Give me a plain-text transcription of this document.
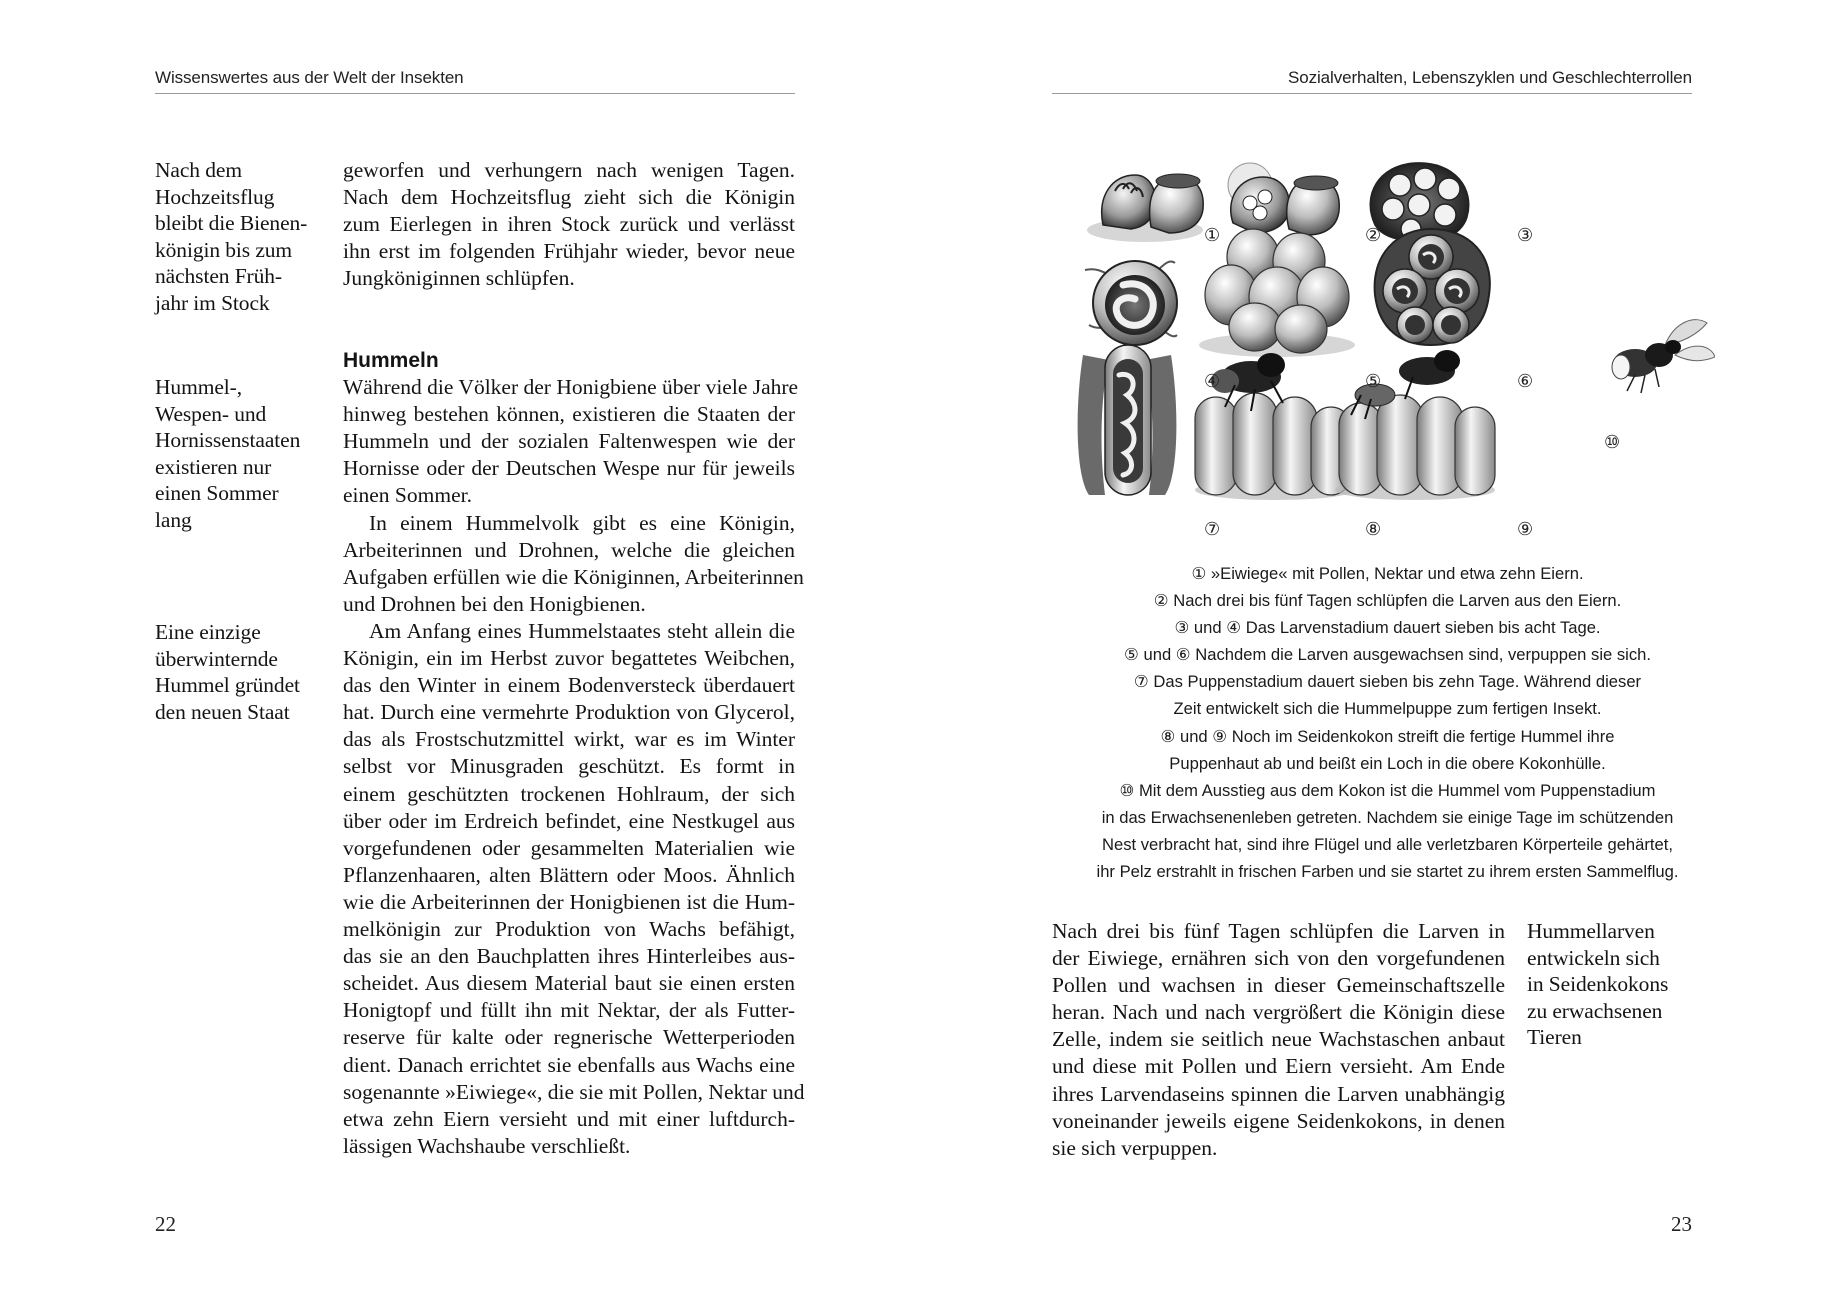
Wissenswertes aus der Welt der Insekten
Nach dem
Hochzeitsflug
bleibt die Bienen-
königin bis zum
nächsten Früh-
jahr im Stock
Hummel-,
Wespen- und
Hornissenstaaten
existieren nur
einen Sommer
lang
Eine einzige
überwinternde
Hummel gründet
den neuen Staat
geworfen und verhungern nach wenigen Tagen.
Nach dem Hochzeitsflug zieht sich die Königin
zum Eierlegen in ihren Stock zurück und verlässt
ihn erst im folgenden Frühjahr wieder, bevor neue
Jungköniginnen schlüpfen.
Hummeln
Während die Völker der Honigbiene über viele Jahre
hinweg bestehen können, existieren die Staaten der
Hummeln und der sozialen Faltenwespen wie der
Hornisse oder der Deutschen Wespe nur für jeweils
einen Sommer.
In einem Hummelvolk gibt es eine Königin,
Arbeiterinnen und Drohnen, welche die gleichen
Aufgaben erfüllen wie die Königinnen, Arbeiterinnen
und Drohnen bei den Honigbienen.
Am Anfang eines Hummelstaates steht allein die
Königin, ein im Herbst zuvor begattetes Weibchen,
das den Winter in einem Bodenversteck überdauert
hat. Durch eine vermehrte Produktion von Glycerol,
das als Frostschutzmittel wirkt, war es im Winter
selbst vor Minusgraden geschützt. Es formt in
einem geschützten trockenen Hohlraum, der sich
über oder im Erdreich befindet, eine Nestkugel aus
vorgefundenen oder gesammelten Materialien wie
Pflanzenhaaren, alten Blättern oder Moos. Ähnlich
wie die Arbeiterinnen der Honigbienen ist die Hum-
melkönigin zur Produktion von Wachs befähigt,
das sie an den Bauchplatten ihres Hinterleibes aus-
scheidet. Aus diesem Material baut sie einen ersten
Honigtopf und füllt ihn mit Nektar, der als Futter-
reserve für kalte oder regnerische Wetterperioden
dient. Danach errichtet sie ebenfalls aus Wachs eine
sogenannte »Eiwiege«, die sie mit Pollen, Nektar und
etwa zehn Eiern versieht und mit einer luftdurch-
lässigen Wachshaube verschließt.
22
Sozialverhalten, Lebenszyklen und Geschlechterrollen
①	②	③
④	⑤	⑥
⑦	⑧	⑨
⑩
① »Eiwiege« mit Pollen, Nektar und etwa zehn Eiern.
② Nach drei bis fünf Tagen schlüpfen die Larven aus den Eiern.
③ und ④ Das Larvenstadium dauert sieben bis acht Tage.
⑤ und ⑥ Nachdem die Larven ausgewachsen sind, verpuppen sie sich.
⑦ Das Puppenstadium dauert sieben bis zehn Tage. Während dieser
Zeit entwickelt sich die Hummelpuppe zum fertigen Insekt.
⑧ und ⑨ Noch im Seidenkokon streift die fertige Hummel ihre
Puppenhaut ab und beißt ein Loch in die obere Kokonhülle.
⑩ Mit dem Ausstieg aus dem Kokon ist die Hummel vom Puppenstadium
in das Erwachsenenleben getreten. Nachdem sie einige Tage im schützenden
Nest verbracht hat, sind ihre Flügel und alle verletzbaren Körperteile gehärtet,
ihr Pelz erstrahlt in frischen Farben und sie startet zu ihrem ersten Sammelflug.
Nach drei bis fünf Tagen schlüpfen die Larven in
der Eiwiege, ernähren sich von den vorgefundenen
Pollen und wachsen in dieser Gemeinschaftszelle
heran. Nach und nach vergrößert die Königin diese
Zelle, indem sie seitlich neue Wachstaschen anbaut
und diese mit Pollen und Eiern versieht. Am Ende
ihres Larvendaseins spinnen die Larven unabhängig
voneinander jeweils eigene Seidenkokons, in denen
sie sich verpuppen.
Hummellarven
entwickeln sich
in Seidenkokons
zu erwachsenen
Tieren
23
